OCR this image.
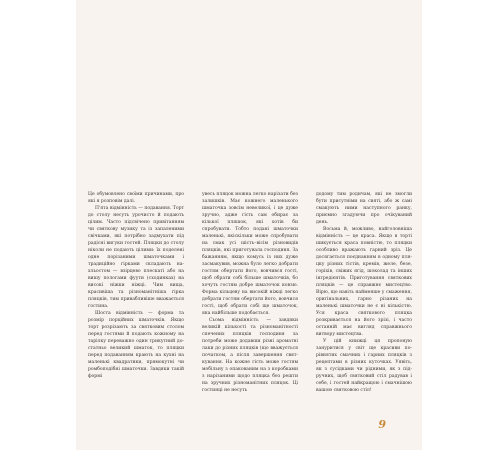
Це обумовлено своїми причинами, про які я розповім далі.

П'ята відмінність — подавання. Торт до столу несуть урочисто й подають цілим. Часто підсвічено привітанням чи святкову музику та із запаленими свічками, які потрібно задмухати під радісні вигуки гостей. Пляцки до столу ніколи не подають цілими: їх поделені одне порізаними шматочками і традиційно гірками складають нахльостом — взірцево плескаті або на вишу пологами фуути (сходинках) на високі ніжки ніжці. Чим вища, красивіша та різноманітніша гірка пляцків, тим привабливіше вважається гостина.

Шоста відмінність — форма та розмір порційних шматочків. Якщо торт розрізають за святковим столом перед гостями й подають кожному на тарілку переважно один трикутний достатньо великий шматок, то пляцки перед подаванням крають на кухні на маленькі квадратики, прямокутні чи ромбоподібні шматочки. Завдяки такій формі

увесь пляцок можна легко нарізати без залишків. Має кожнего маленького шматочка зовсім невеликої, і це дуже зручно, адже гість сам обирає за кілької пляшок, які хотів би спробувати. Тобто подані шматочки маленькі, якіскільки може спробувати на смак усі шість–вісім різновидів пляцків, які приготувала господиня. За бажанням, якщо комусь із них дуже засмакувив, можна було легко добрати гостям обертати його, вовчився гості, щоб обрати собі більше шматочків, бо хочуть гостям добре шматочок ковзю. Форма кільцеву на високій ніжці легко добрати гостям обертати його, вовчися гості, щоб обрати собі ще шматочок, яка найбільше подобається.

Сьома відмінність — завдяки великій кількості та різноманітності спечених пляцків господиня за потреби може додавши різні ароматні лаки до різних пляцків (що вважується початком, а після завершення святкування. На кожне гість може гостям мобільну з опакованим на з коробками з нарізаними щодо пляцка без решти на зручних різноманітних пляцок. Ці гостинці не несуть

додому тим родичам, які не змогли бути присутніми на святі, або ж самі смакують ними наступного ранку, приємно згадуючи про очікуваний день.

Восьма й, можливо, найголовніша відмінність — це краса. Якщо в торті шикується краса повністю, то пляцки особливо вражають гарний зріз. Це досягається поєднанням в одному пляцку різних тістів, кремів, желе, безе, горіхів, свіжих ягід, шоколад та інших інгредієнтів. Приготування святкових пляцків — це справжнє мистецтво. Вірю, що навіть найменше у смаження, оригінальних, гарно різаних на маленькі шматочки не є ні кількістю. Уся краса святкового пляцка розкривається на його зрізі, і часто останній має вигляд справжнього витвору мистецтва.

У цій книжці ця пропоную зануритися у світ ще красиви порівнятих смачних і гарних пляцків з рецептами в різних куточках. Уявіть, як з сусідками чи рідними, як з підручних, щоб святковий стіл радував і себе, і гостей найкращою і смачнішою вашою святковою стіл!

9
